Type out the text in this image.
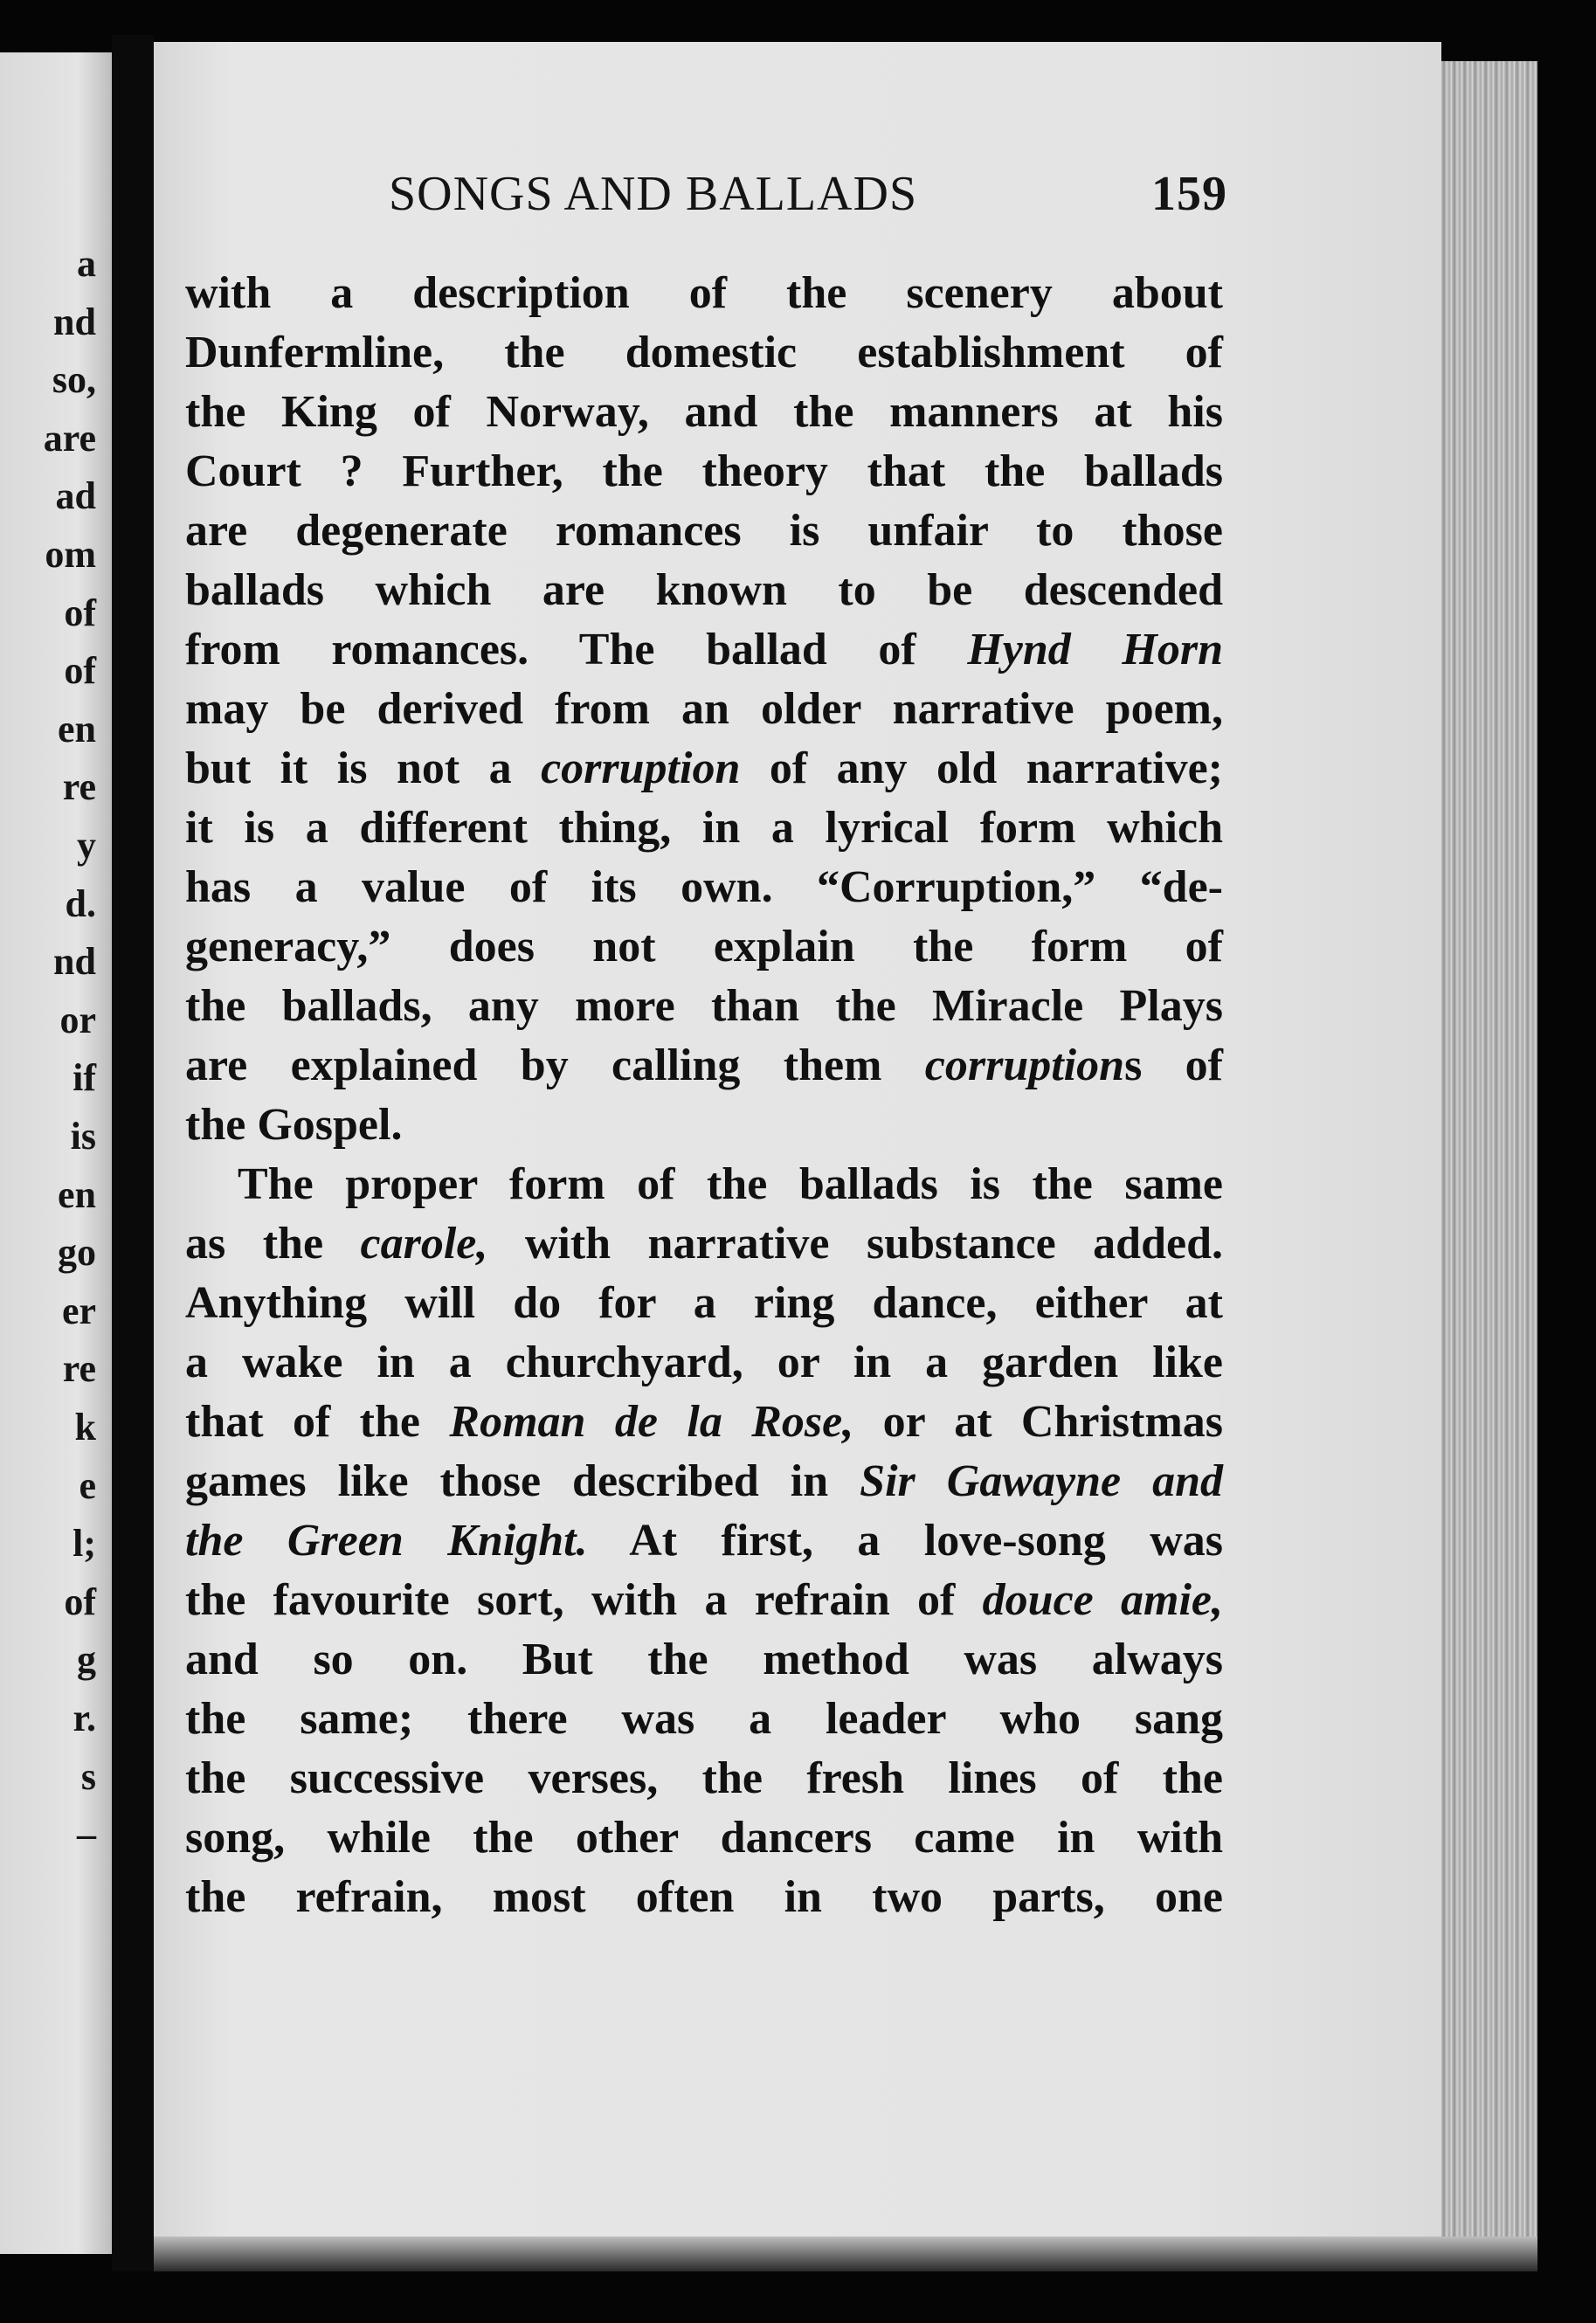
a
nd
so,
are
ad
om
of
of
en
re
y
d.
nd
or
if
is
en
go
er
re
k
e
l;
of
g
r.
s
–
SONGS AND BALLADS	159

with a description of the scenery about
Dunfermline, the domestic establishment of
the King of Norway, and the manners at his
Court ? Further, the theory that the ballads
are degenerate romances is unfair to those
ballads which are known to be descended
from romances. The ballad of Hynd Horn
may be derived from an older narrative poem,
but it is not a corruption of any old narrative;
it is a different thing, in a lyrical form which
has a value of its own. “Corruption,” “de-
generacy,” does not explain the form of
the ballads, any more than the Miracle Plays
are explained by calling them corruptions of
the Gospel.

The proper form of the ballads is the same
as the carole, with narrative substance added.
Anything will do for a ring dance, either at
a wake in a churchyard, or in a garden like
that of the Roman de la Rose, or at Christmas
games like those described in Sir Gawayne and
the Green Knight. At first, a love-song was
the favourite sort, with a refrain of douce amie,
and so on. But the method was always
the same; there was a leader who sang
the successive verses, the fresh lines of the
song, while the other dancers came in with
the refrain, most often in two parts, one
